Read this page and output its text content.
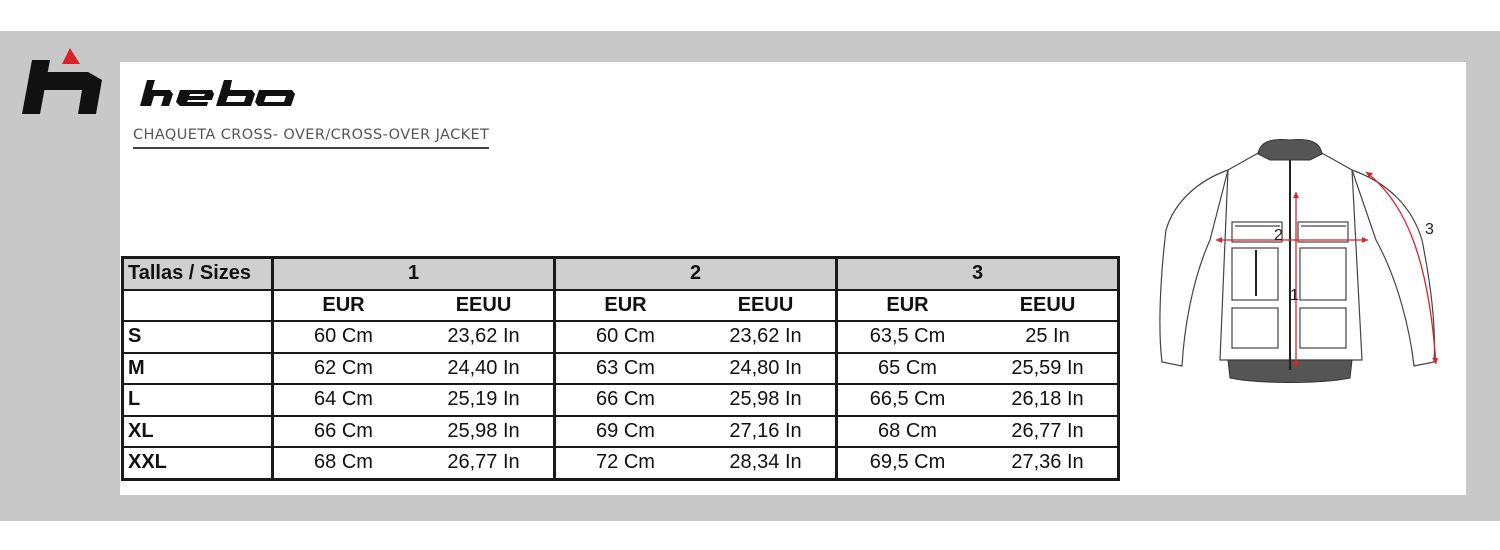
CHAQUETA CROSS- OVER/CROSS-OVER JACKET
Tallas / Sizes	1		2		3	
	EUR	EEUU	EUR	EEUU	EUR	EEUU
S	60 Cm	23,62 In	60 Cm	23,62 In	63,5 Cm	25 In
M	62 Cm	24,40 In	63 Cm	24,80 In	65 Cm	25,59 In
L	64 Cm	25,19 In	66 Cm	25,98 In	66,5 Cm	26,18 In
XL	66 Cm	25,98 In	69 Cm	27,16 In	68 Cm	26,77 In
XXL	68 Cm	26,77 In	72 Cm	28,34 In	69,5 Cm	27,36 In
2
1
3
